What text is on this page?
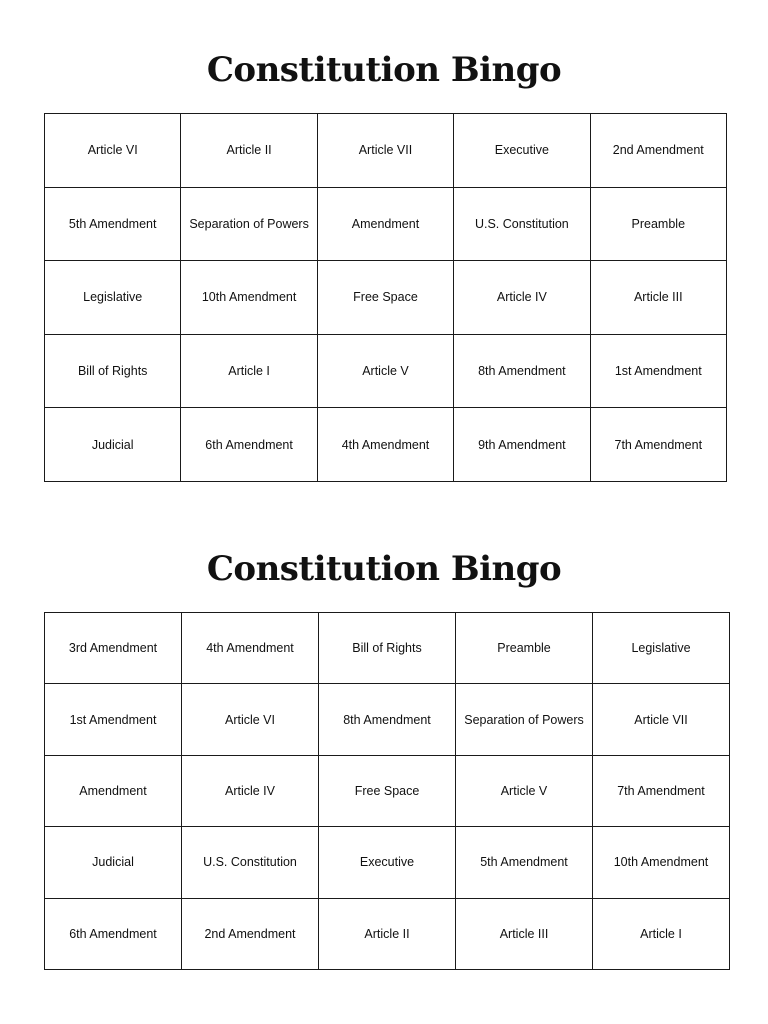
Constitution Bingo
Article VI	Article II	Article VII	Executive	2nd Amendment
5th Amendment	Separation of Powers	Amendment	U.S. Constitution	Preamble
Legislative	10th Amendment	Free Space	Article IV	Article III
Bill of Rights	Article I	Article V	8th Amendment	1st Amendment
Judicial	6th Amendment	4th Amendment	9th Amendment	7th Amendment
Constitution Bingo
3rd Amendment	4th Amendment	Bill of Rights	Preamble	Legislative
1st Amendment	Article VI	8th Amendment	Separation of Powers	Article VII
Amendment	Article IV	Free Space	Article V	7th Amendment
Judicial	U.S. Constitution	Executive	5th Amendment	10th Amendment
6th Amendment	2nd Amendment	Article II	Article III	Article I
